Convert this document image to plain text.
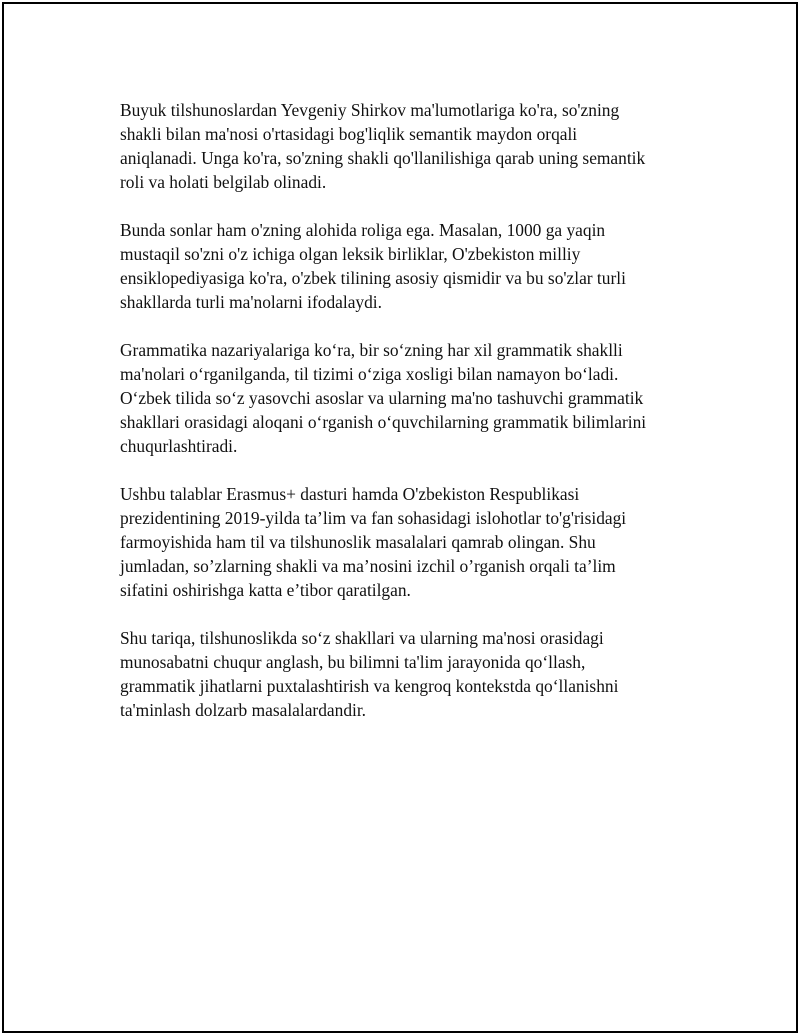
Buyuk tilshunoslardan Yevgeniy Shirkov ma'lumotlariga ko'ra, so'zning
shakli bilan ma'nosi o'rtasidagi bog'liqlik semantik maydon orqali
aniqlanadi. Unga ko'ra, so'zning shakli qo'llanilishiga qarab uning semantik
roli va holati belgilab olinadi.

Bunda sonlar ham o'zning alohida roliga ega. Masalan, 1000 ga yaqin
mustaqil so'zni o'z ichiga olgan leksik birliklar, O'zbekiston milliy
ensiklopediyasiga ko'ra, o'zbek tilining asosiy qismidir va bu so'zlar turli
shakllarda turli ma'nolarni ifodalaydi.

Grammatika nazariyalariga koʻra, bir soʻzning har xil grammatik shaklli
ma'nolari oʻrganilganda, til tizimi oʻziga xosligi bilan namayon boʻladi.
Oʻzbek tilida soʻz yasovchi asoslar va ularning ma'no tashuvchi grammatik
shakllari orasidagi aloqani oʻrganish oʻquvchilarning grammatik bilimlarini
chuqurlashtiradi.

Ushbu talablar Erasmus+ dasturi hamda O'zbekiston Respublikasi
prezidentining 2019-yilda ta’lim va fan sohasidagi islohotlar to'g'risidagi
farmoyishida ham til va tilshunoslik masalalari qamrab olingan. Shu
jumladan, so’zlarning shakli va ma’nosini izchil o’rganish orqali ta’lim
sifatini oshirishga katta e’tibor qaratilgan.

Shu tariqa, tilshunoslikda soʻz shakllari va ularning ma'nosi orasidagi
munosabatni chuqur anglash, bu bilimni ta'lim jarayonida qoʻllash,
grammatik jihatlarni puxtalashtirish va kengroq kontekstda qoʻllanishni
ta'minlash dolzarb masalalardandir.
